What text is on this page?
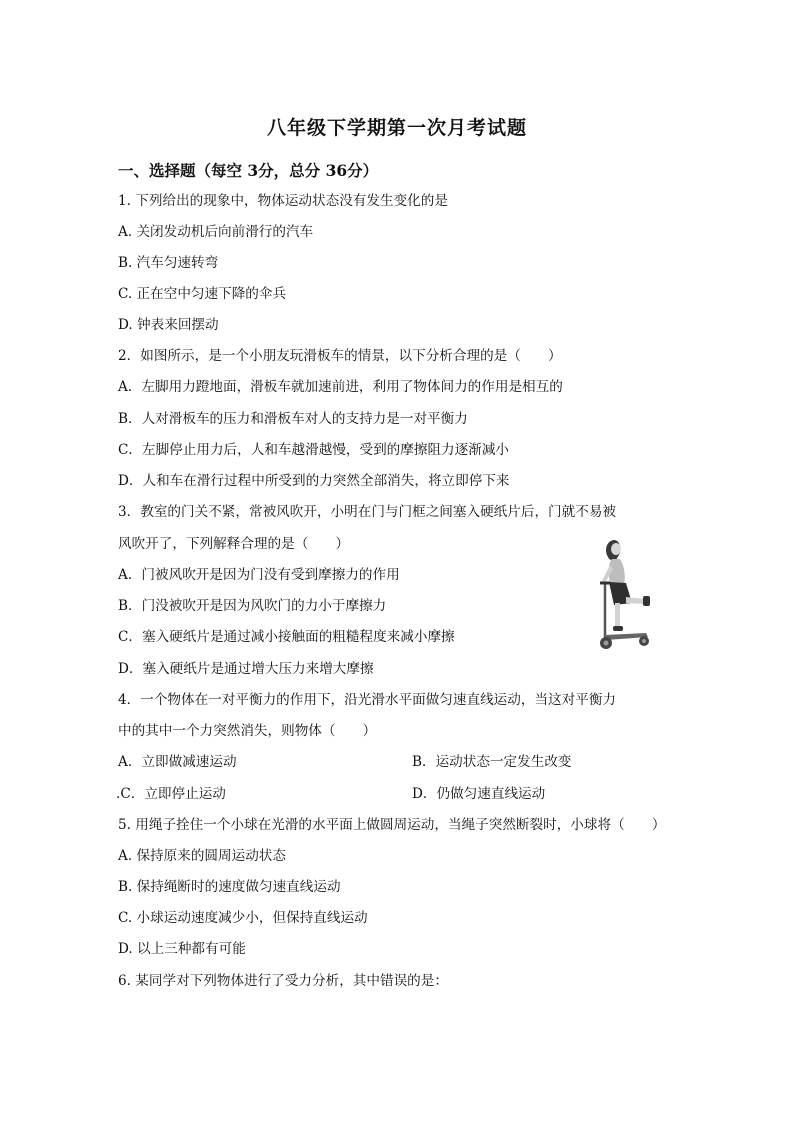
八年级下学期第一次月考试题
一、选择题（每空 3分，总分 36分）
1. 下列给出的现象中，物体运动状态没有发生变化的是
A. 关闭发动机后向前滑行的汽车
B. 汽车匀速转弯
C. 正在空中匀速下降的伞兵
D. 钟表来回摆动
2．如图所示，是一个小朋友玩滑板车的情景，以下分析合理的是（　　）
A．左脚用力蹬地面，滑板车就加速前进，利用了物体间力的作用是相互的
B．人对滑板车的压力和滑板车对人的支持力是一对平衡力
C．左脚停止用力后，人和车越滑越慢，受到的摩擦阻力逐渐减小
D．人和车在滑行过程中所受到的力突然全部消失，将立即停下来
3．教室的门关不紧，常被风吹开，小明在门与门框之间塞入硬纸片后，门就不易被
风吹开了，下列解释合理的是（　　）
A．门被风吹开是因为门没有受到摩擦力的作用
B．门没被吹开是因为风吹门的力小于摩擦力
C．塞入硬纸片是通过减小接触面的粗糙程度来减小摩擦
D．塞入硬纸片是通过增大压力来增大摩擦
4．一个物体在一对平衡力的作用下，沿光滑水平面做匀速直线运动，当这对平衡力
中的其中一个力突然消失，则物体（　　）
A．立即做减速运动	B．运动状态一定发生改变
.C．立即停止运动	D．仍做匀速直线运动
5. 用绳子拴住一个小球在光滑的水平面上做圆周运动，当绳子突然断裂时，小球将（　　）
A. 保持原来的圆周运动状态
B. 保持绳断时的速度做匀速直线运动
C. 小球运动速度减少小，但保持直线运动
D. 以上三种都有可能
6. 某同学对下列物体进行了受力分析，其中错误的是：
